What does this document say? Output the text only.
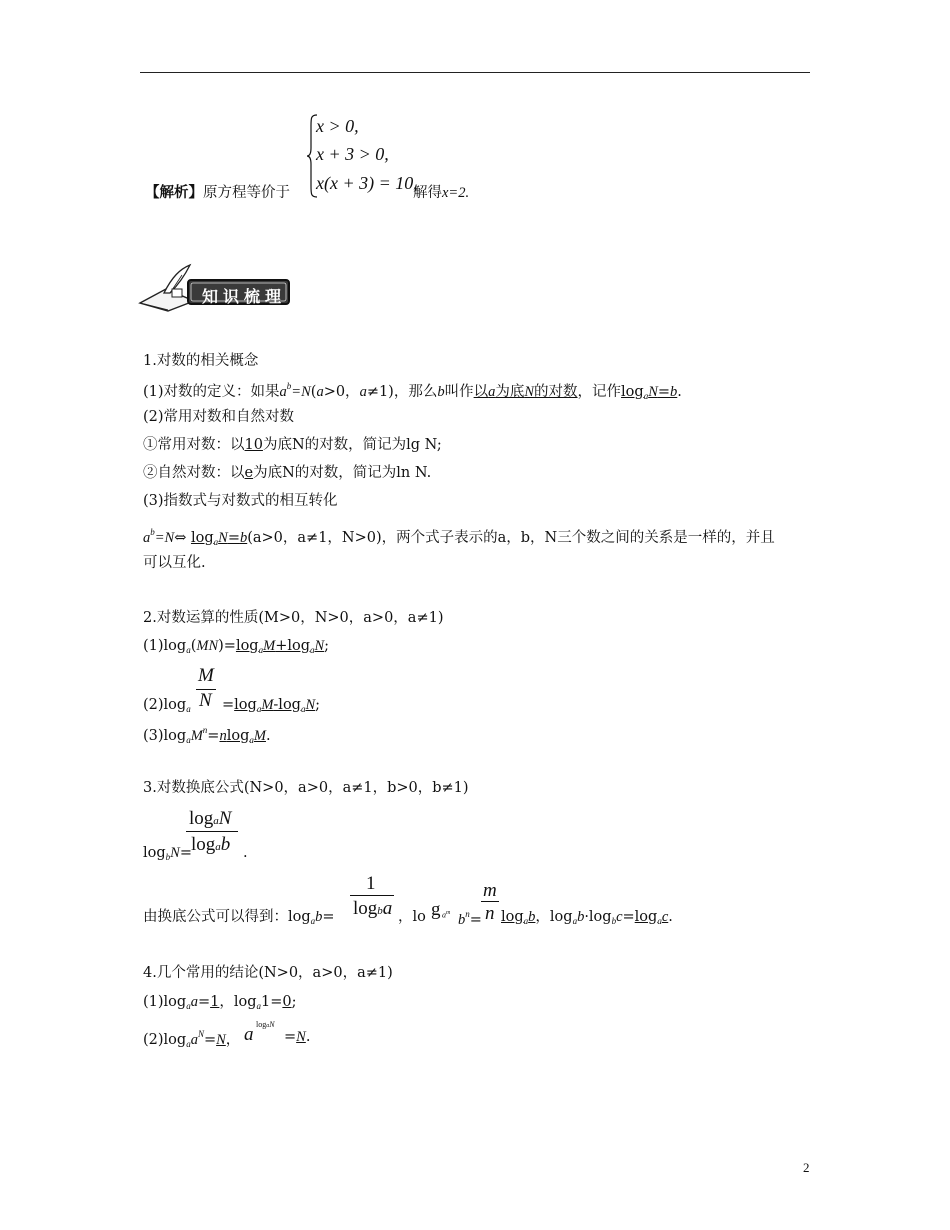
x > 0,
x + 3 > 0,
x(x + 3) = 10,
【解析】原方程等价于	解得x=2.
知识梳理
1.对数的相关概念
(1)对数的定义：如果$a^b=N(a>0$，a≠1)，那么b叫作以a为底N的对数，记作$\log_aN=b$.
(2)常用对数和自然对数
①常用对数：以10为底N的对数，简记为lg N;
②自然对数：以e为底N的对数，简记为ln N.
(3)指数式与对数式的相互转化
$a^b=N\Leftrightarrow$ $\log_aN=b(a>0$，a≠1，N>0)，两个式子表示的a，b，N三个数之间的关系是一样的，并且
可以互化.
2.对数运算的性质(M>0，N>0，a>0，a≠1)
$(1)\log_a(MN)=\log_aM+\log_aN$;
M
N
$(2)\log_a =\log_aM-\log_aN$;
$(3)\log_aM^n=nlog_aM$.
3.对数换底公式(N>0，a>0，a≠1，b>0，b≠1)
logaN
logab
$\log_bN=$	.
1
logba
m
n
由换底公式可以得到：$\log_ab=$	，lo g $a^m$ $b^n= \log_ab$，$\log_ab\cdot\log_bc=\log_ac$.
4.几个常用的结论(N>0，a>0，a≠1)
$(1)\log_aa=1$，$\log_a1=0$;
$(2)\log_aa^N=N$， a logaN
=N.
2
